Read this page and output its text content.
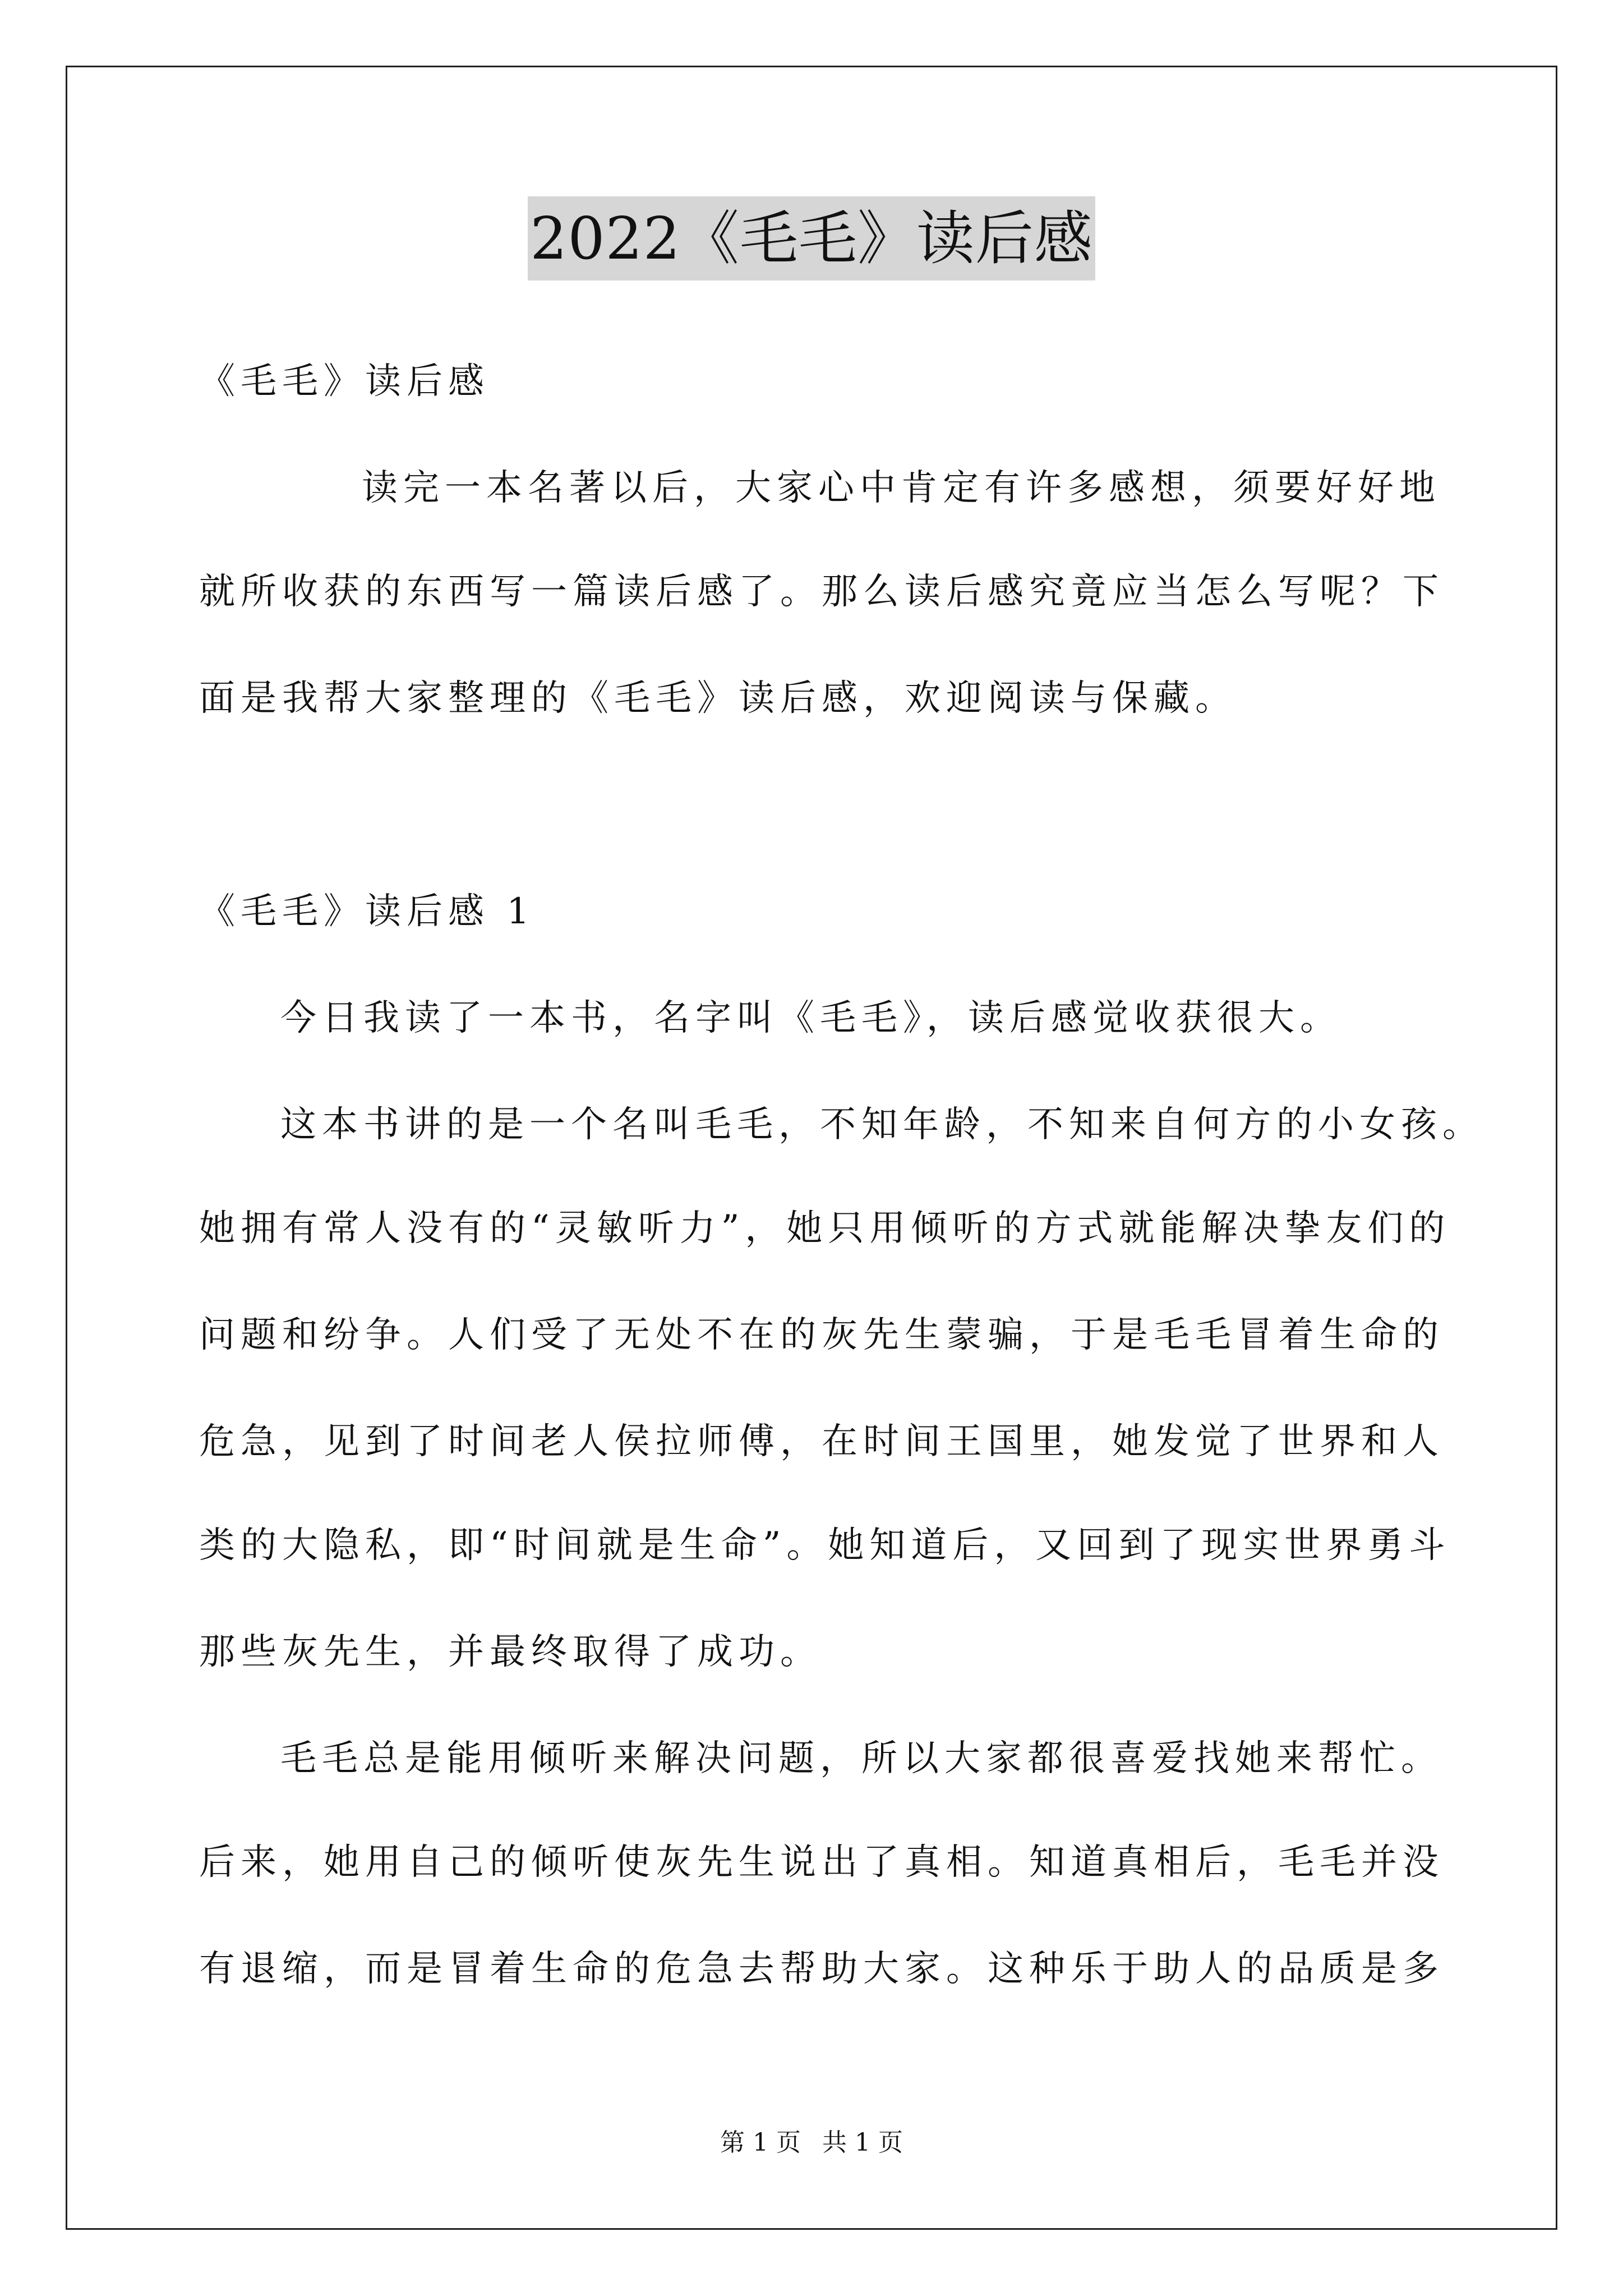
2022《毛毛》读后感
《毛毛》读后感
读完一本名著以后，大家心中肯定有许多感想，须要好好地
就所收获的东西写一篇读后感了。那么读后感究竟应当怎么写呢？下
面是我帮大家整理的《毛毛》读后感，欢迎阅读与保藏。
《毛毛》读后感 1
今日我读了一本书，名字叫《毛毛》，读后感觉收获很大。
这本书讲的是一个名叫毛毛，不知年龄，不知来自何方的小女孩。
她拥有常人没有的“灵敏听力”，她只用倾听的方式就能解决挚友们的
问题和纷争。人们受了无处不在的灰先生蒙骗，于是毛毛冒着生命的
危急，见到了时间老人侯拉师傅，在时间王国里，她发觉了世界和人
类的大隐私，即“时间就是生命”。她知道后，又回到了现实世界勇斗
那些灰先生，并最终取得了成功。
毛毛总是能用倾听来解决问题，所以大家都很喜爱找她来帮忙。
后来，她用自己的倾听使灰先生说出了真相。知道真相后，毛毛并没
有退缩，而是冒着生命的危急去帮助大家。这种乐于助人的品质是多
第 1 页 共 1 页
